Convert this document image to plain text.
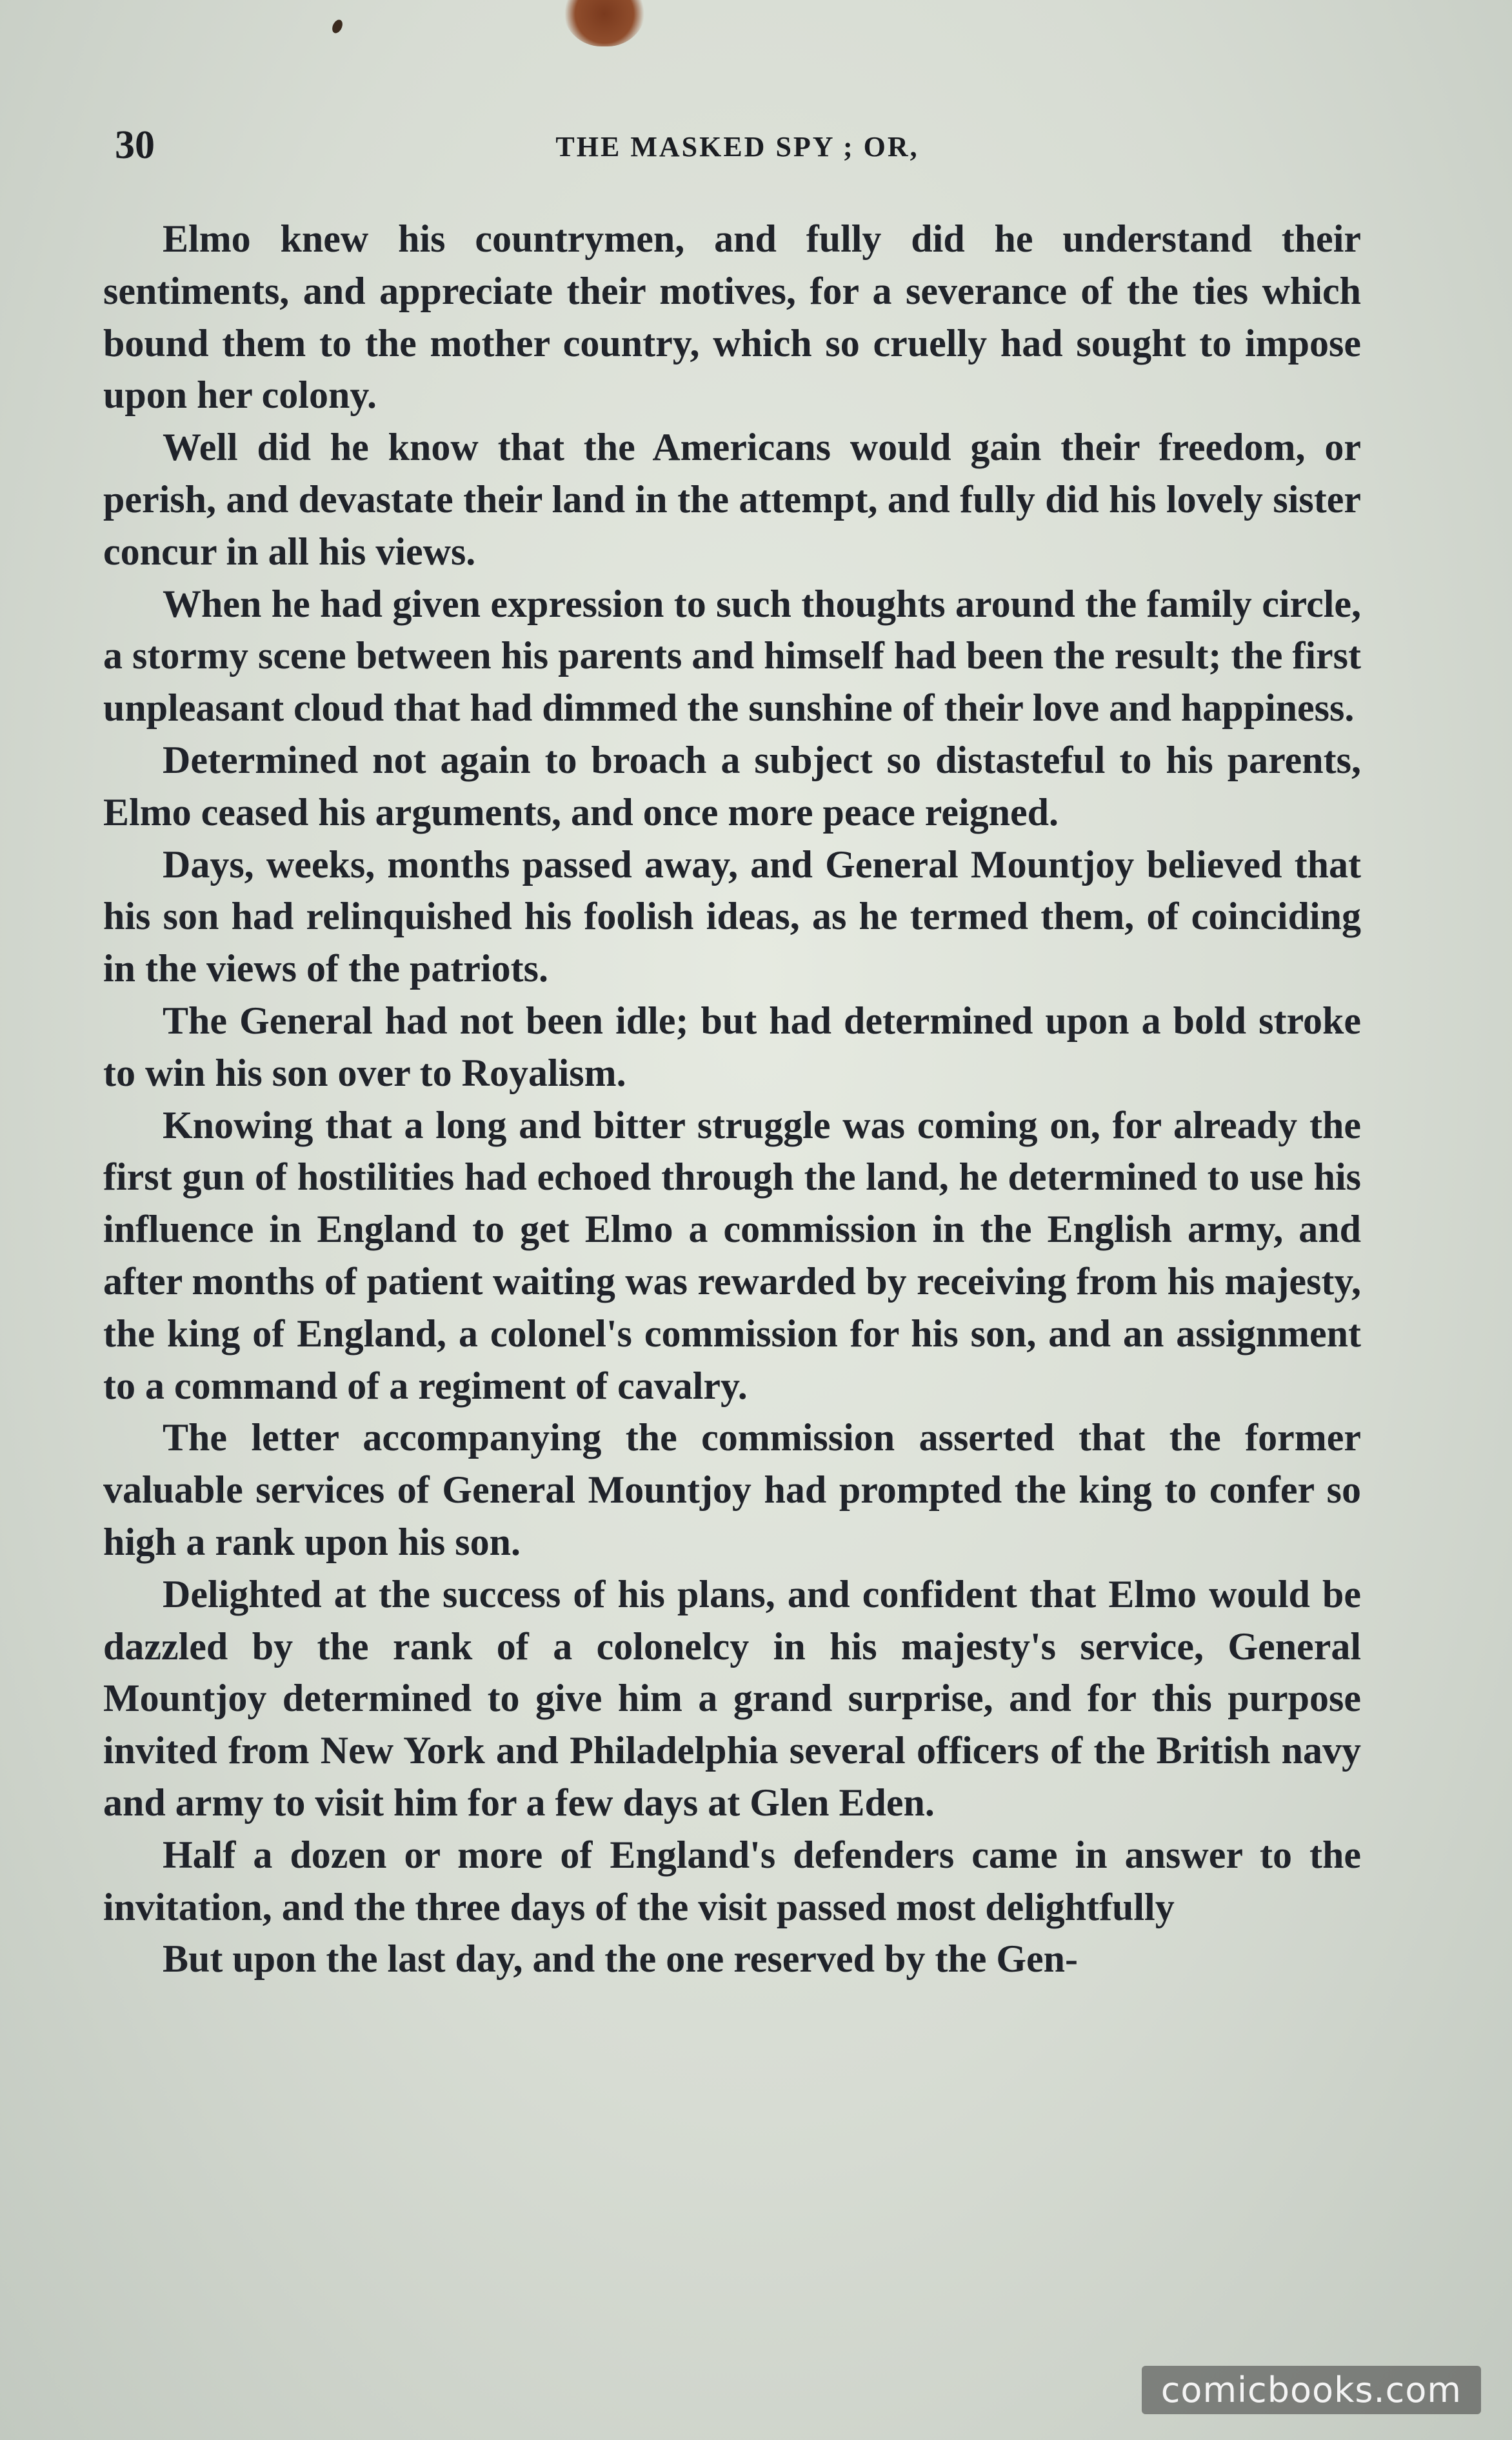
30	THE MASKED SPY ; OR,

Elmo knew his countrymen, and fully did he understand their sentiments, and appreciate their motives, for a severance of the ties which bound them to the mother country, which so cruelly had sought to impose upon her colony.

Well did he know that the Americans would gain their freedom, or perish, and devastate their land in the attempt, and fully did his lovely sister concur in all his views.

When he had given expression to such thoughts around the family circle, a stormy scene between his parents and himself had been the result; the first unpleasant cloud that had dimmed the sunshine of their love and happiness.

Determined not again to broach a subject so distasteful to his parents, Elmo ceased his arguments, and once more peace reigned.

Days, weeks, months passed away, and General Mountjoy believed that his son had relinquished his foolish ideas, as he termed them, of coinciding in the views of the patriots.

The General had not been idle; but had determined upon a bold stroke to win his son over to Royalism.

Knowing that a long and bitter struggle was coming on, for already the first gun of hostilities had echoed through the land, he determined to use his influence in England to get Elmo a commission in the English army, and after months of patient waiting was rewarded by receiving from his majesty, the king of England, a colonel's commission for his son, and an assignment to a command of a regiment of cavalry.

The letter accompanying the commission asserted that the former valuable services of General Mountjoy had prompted the king to confer so high a rank upon his son.

Delighted at the success of his plans, and confident that Elmo would be dazzled by the rank of a colonelcy in his majesty's service, General Mountjoy determined to give him a grand surprise, and for this purpose invited from New York and Philadelphia several officers of the British navy and army to visit him for a few days at Glen Eden.

Half a dozen or more of England's defenders came in answer to the invitation, and the three days of the visit passed most delightfully

But upon the last day, and the one reserved by the Gen-

comicbooks.com
